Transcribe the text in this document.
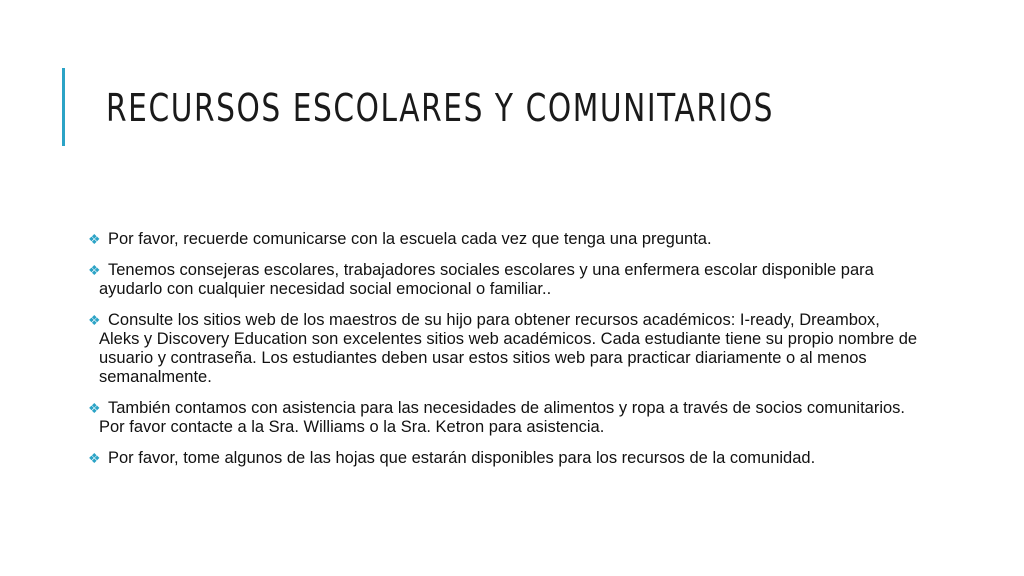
RECURSOS ESCOLARES Y COMUNITARIOS
❖ Por favor, recuerde comunicarse con la escuela cada vez que tenga una pregunta.
❖ Tenemos consejeras escolares, trabajadores sociales escolares y una enfermera escolar disponible para ayudarlo con cualquier necesidad social emocional o familiar..
❖ Consulte los sitios web de los maestros de su hijo para obtener recursos académicos: I-ready, Dreambox, Aleks y Discovery Education son excelentes sitios web académicos. Cada estudiante tiene su propio nombre de usuario y contraseña. Los estudiantes deben usar estos sitios web para practicar diariamente o al menos semanalmente.
❖ También contamos con asistencia para las necesidades de alimentos y ropa a través de socios comunitarios. Por favor contacte a la Sra. Williams o la Sra. Ketron para asistencia.
❖ Por favor, tome algunos de las hojas que estarán disponibles para los recursos de la comunidad.
